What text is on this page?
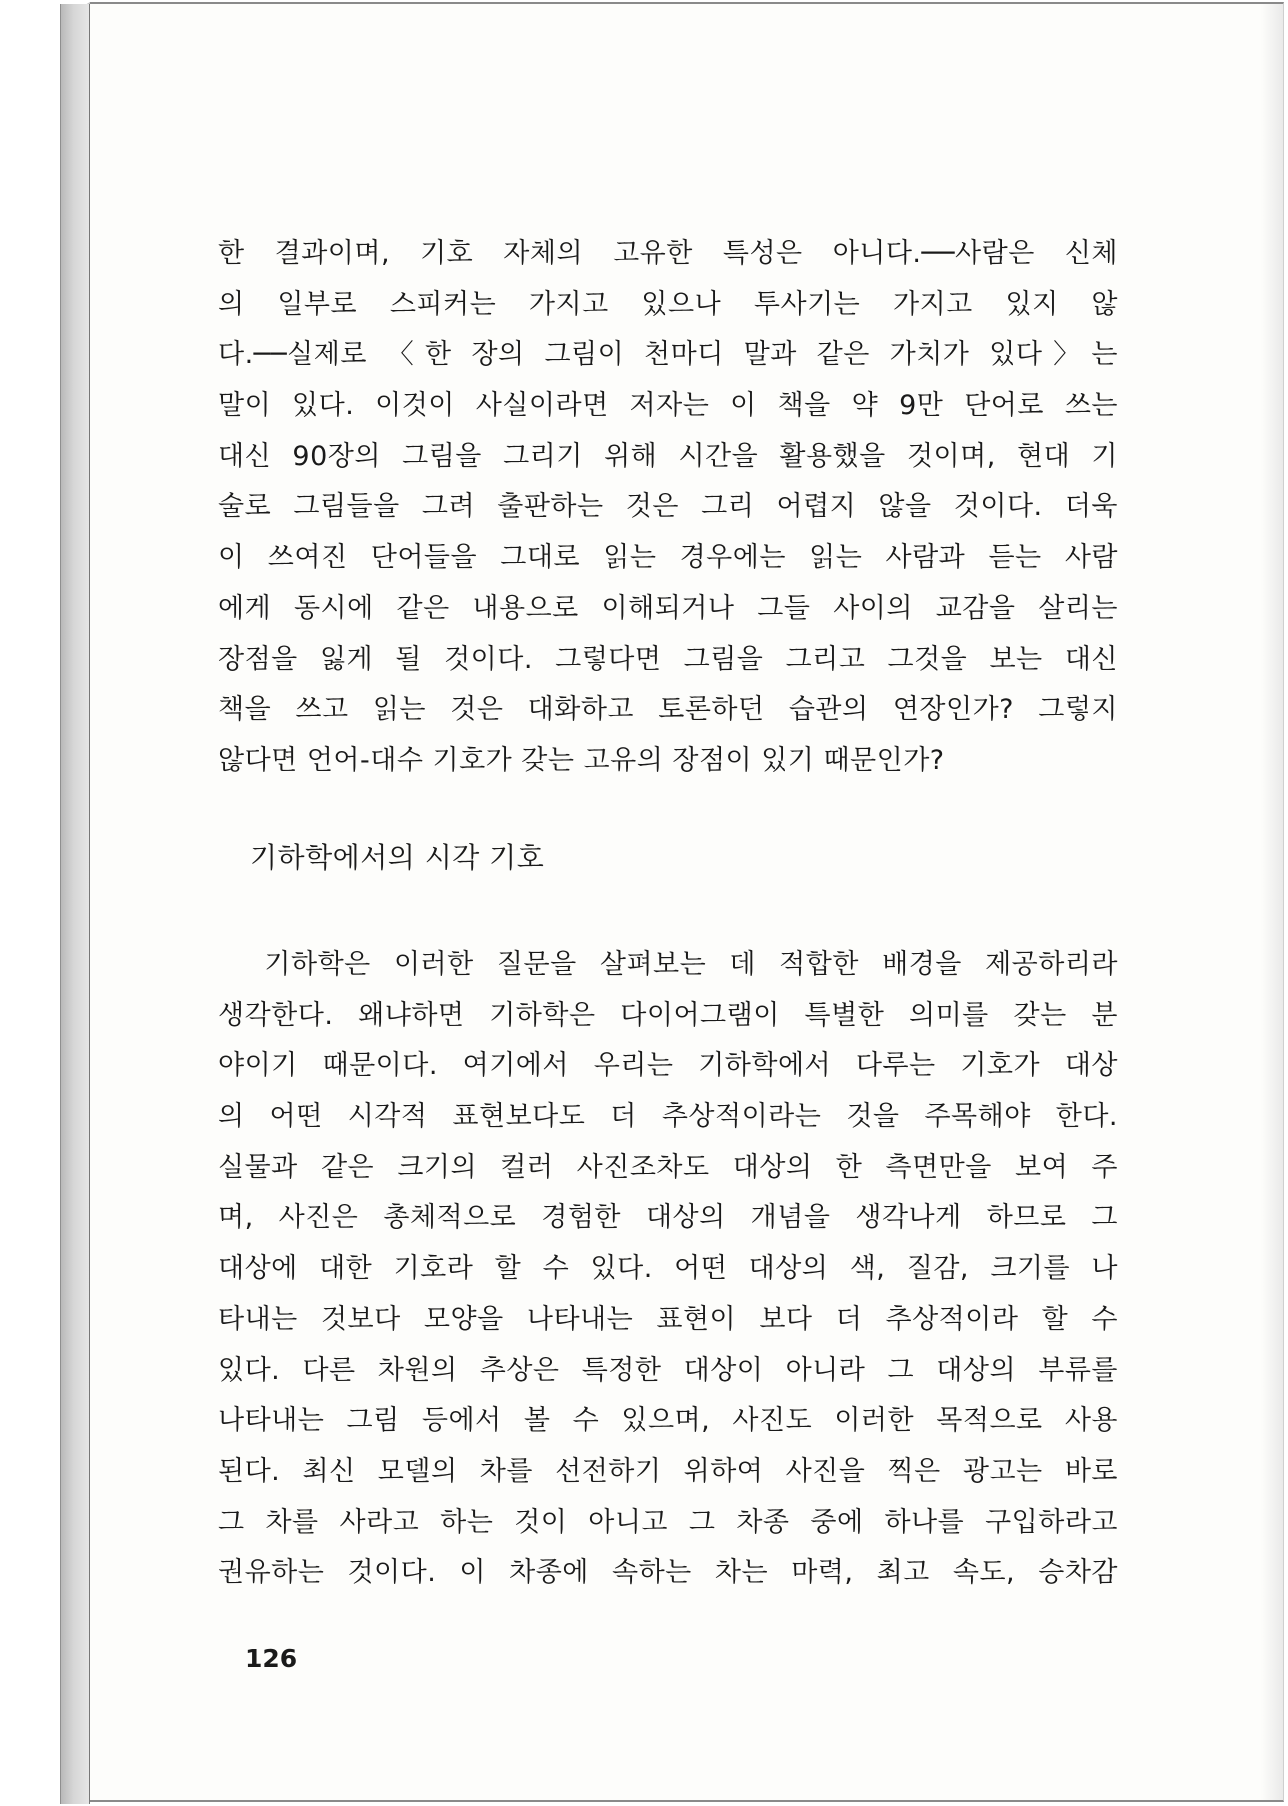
한 결과이며, 기호 자체의 고유한 특성은 아니다.──사람은 신체
의 일부로 스피커는 가지고 있으나 투사기는 가지고 있지 않
다.──실제로 〈한 장의 그림이 천마디 말과 같은 가치가 있다〉는
말이 있다. 이것이 사실이라면 저자는 이 책을 약 9만 단어로 쓰는
대신 90장의 그림을 그리기 위해 시간을 활용했을 것이며, 현대 기
술로 그림들을 그려 출판하는 것은 그리 어렵지 않을 것이다. 더욱
이 쓰여진 단어들을 그대로 읽는 경우에는 읽는 사람과 듣는 사람
에게 동시에 같은 내용으로 이해되거나 그들 사이의 교감을 살리는
장점을 잃게 될 것이다. 그렇다면 그림을 그리고 그것을 보는 대신
책을 쓰고 읽는 것은 대화하고 토론하던 습관의 연장인가? 그렇지
않다면 언어-대수 기호가 갖는 고유의 장점이 있기 때문인가?
기하학에서의 시각 기호
기하학은 이러한 질문을 살펴보는 데 적합한 배경을 제공하리라
생각한다. 왜냐하면 기하학은 다이어그램이 특별한 의미를 갖는 분
야이기 때문이다. 여기에서 우리는 기하학에서 다루는 기호가 대상
의 어떤 시각적 표현보다도 더 추상적이라는 것을 주목해야 한다.
실물과 같은 크기의 컬러 사진조차도 대상의 한 측면만을 보여 주
며, 사진은 총체적으로 경험한 대상의 개념을 생각나게 하므로 그
대상에 대한 기호라 할 수 있다. 어떤 대상의 색, 질감, 크기를 나
타내는 것보다 모양을 나타내는 표현이 보다 더 추상적이라 할 수
있다. 다른 차원의 추상은 특정한 대상이 아니라 그 대상의 부류를
나타내는 그림 등에서 볼 수 있으며, 사진도 이러한 목적으로 사용
된다. 최신 모델의 차를 선전하기 위하여 사진을 찍은 광고는 바로
그 차를 사라고 하는 것이 아니고 그 차종 중에 하나를 구입하라고
권유하는 것이다. 이 차종에 속하는 차는 마력, 최고 속도, 승차감
126
